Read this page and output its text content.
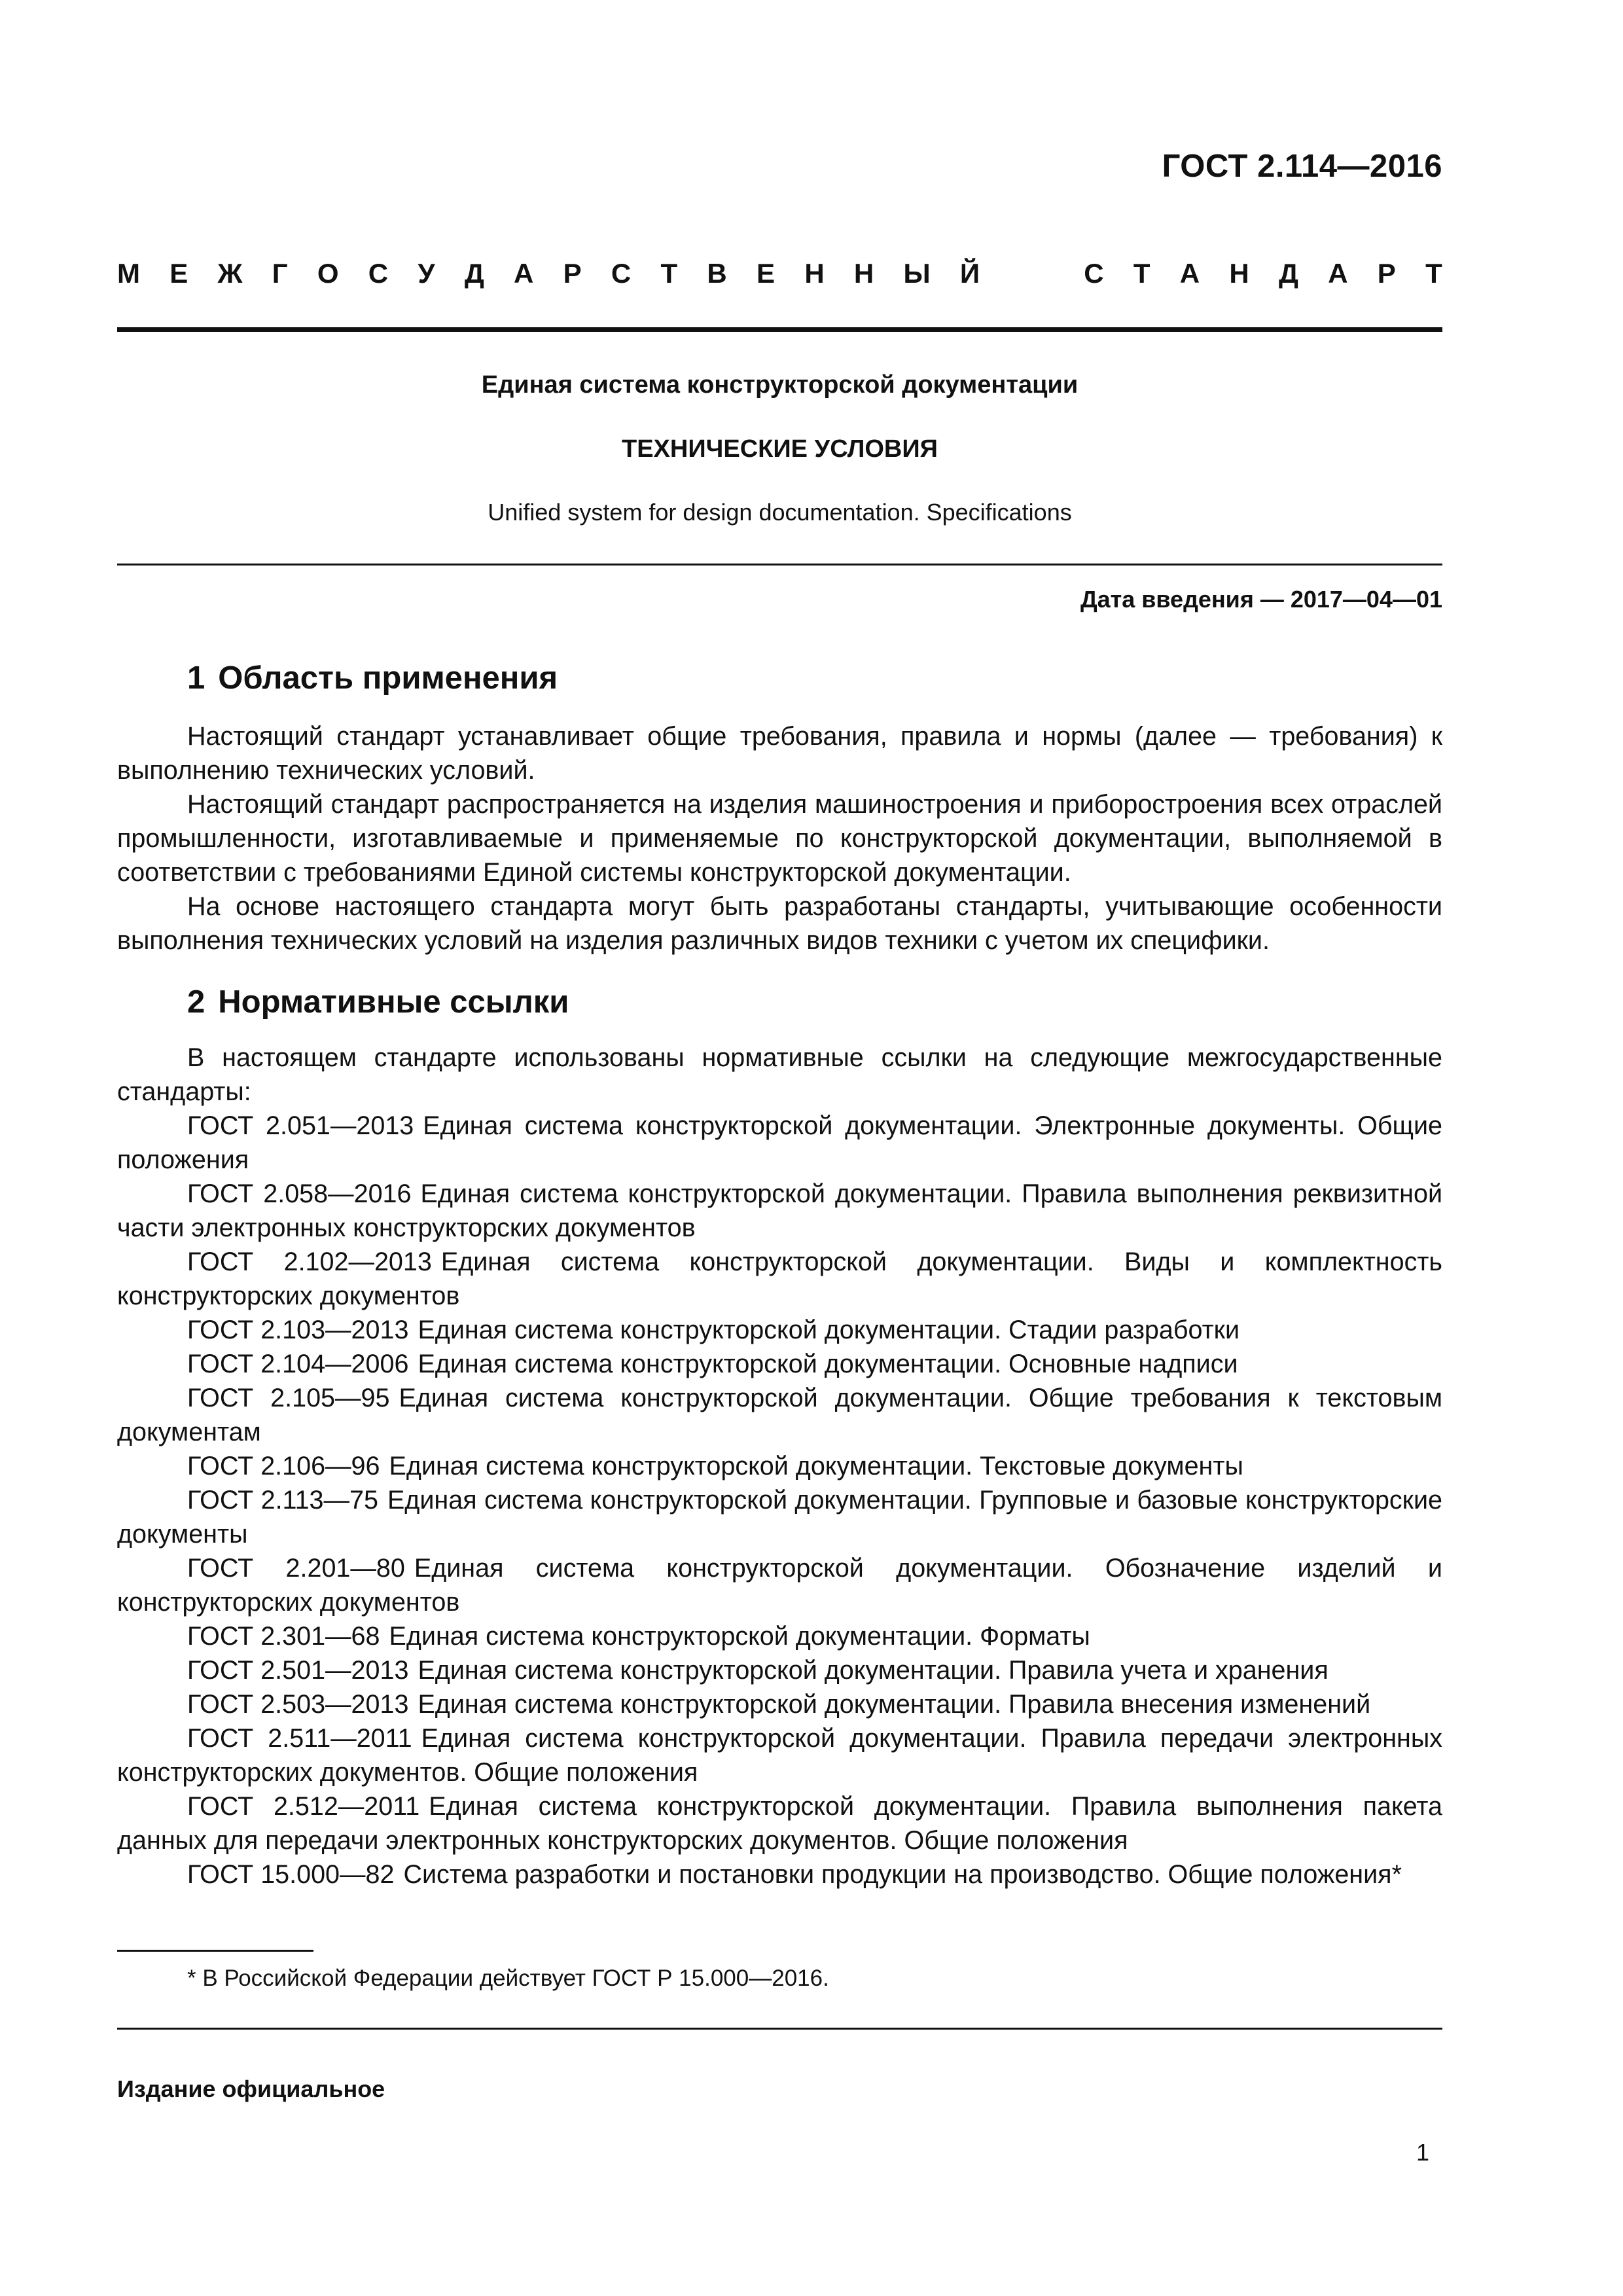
ГОСТ 2.114—2016
М Е Ж Г О С У Д А Р С Т В Е Н Н Ы Й

	С Т А Н Д А Р Т
Единая система конструкторской документации
ТЕХНИЧЕСКИЕ УСЛОВИЯ
Unified system for design documentation. Specifications
Дата введения — 2017—04—01
1 Область применения

Настоящий стандарт устанавливает общие требования, правила и нормы (далее — требования) к выполнению технических условий.

Настоящий стандарт распространяется на изделия машиностроения и приборостроения всех отраслей промышленности, изготавливаемые и применяемые по конструкторской документации, выполняемой в соответствии с требованиями Единой системы конструкторской документации.

На основе настоящего стандарта могут быть разработаны стандарты, учитывающие особенности выполнения технических условий на изделия различных видов техники с учетом их специфики.

2 Нормативные ссылки

В настоящем стандарте использованы нормативные ссылки на следующие межгосударственные стандарты:

ГОСТ 2.051—2013 Единая система конструкторской документации. Электронные документы. Общие положения

ГОСТ 2.058—2016 Единая система конструкторской документации. Правила выполнения реквизитной части электронных конструкторских документов

ГОСТ 2.102—2013 Единая система конструкторской документации. Виды и комплектность конструкторских документов

ГОСТ 2.103—2013 Единая система конструкторской документации. Стадии разработки

ГОСТ 2.104—2006 Единая система конструкторской документации. Основные надписи

ГОСТ 2.105—95 Единая система конструкторской документации. Общие требования к текстовым документам

ГОСТ 2.106—96 Единая система конструкторской документации. Текстовые документы

ГОСТ 2.113—75 Единая система конструкторской документации. Групповые и базовые конструкторские документы

ГОСТ 2.201—80 Единая система конструкторской документации. Обозначение изделий и конструкторских документов

ГОСТ 2.301—68 Единая система конструкторской документации. Форматы

ГОСТ 2.501—2013 Единая система конструкторской документации. Правила учета и хранения

ГОСТ 2.503—2013 Единая система конструкторской документации. Правила внесения изменений

ГОСТ 2.511—2011 Единая система конструкторской документации. Правила передачи электронных конструкторских документов. Общие положения

ГОСТ 2.512—2011 Единая система конструкторской документации. Правила выполнения пакета данных для передачи электронных конструкторских документов. Общие положения

ГОСТ 15.000—82 Система разработки и постановки продукции на производство. Общие положения*

* В Российской Федерации действует ГОСТ Р 15.000—2016.
Издание официальное
1
